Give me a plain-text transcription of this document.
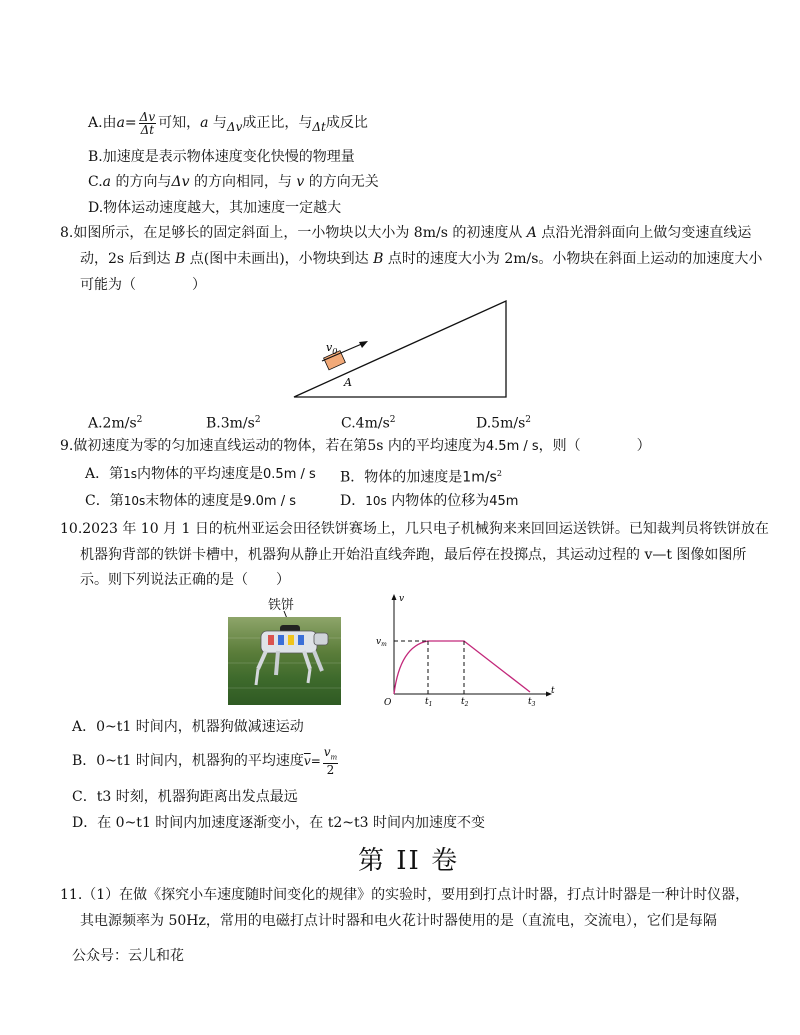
A.由$a= \frac{\Delta v}{\Delta t}$ 可知，a 与Δv成正比，与Δt成反比
B.加速度是表示物体速度变化快慢的物理量
C.a 的方向与Δv 的方向相同，与 v 的方向无关
D.物体运动速度越大，其加速度一定越大
8.如图所示，在足够长的固定斜面上，一小物块以大小为 8m/s 的初速度从 A 点沿光滑斜面向上做匀变速直线运
动，2s 后到达 B 点(图中未画出)，小物块到达 B 点时的速度大小为 2m/s。小物块在斜面上运动的加速度大小
可能为（　　　　）
$v_0$
A
$A.2m/s^2$	$B.3m/s^2$	$C.4m/s^2$	$D.5m/s^2$
9.做初速度为零的匀加速直线运动的物体，若在第5s 内的平均速度为4.5m / s，则（　　　　）
A．第1s内物体的平均速度是0.5m / s B．物体的加速度是$1m/s^2$
C．第10s末物体的速度是9.0m / s	D．10s 内物体的位移为45m
10.2023 年 10 月 1 日的杭州亚运会田径铁饼赛场上，几只电子机械狗来来回回运送铁饼。已知裁判员将铁饼放在
机器狗背部的铁饼卡槽中，机器狗从静止开始沿直线奔跑，最后停在投掷点，其运动过程的 v—t 图像如图所
示。则下列说法正确的是（　　）
铁饼	v
t
O
$v_m$
$t_1$	$t_2$	$t_3$
A．0~t1 时间内，机器狗做减速运动
B．0~t1 时间内，机器狗的平均速度$\overline{v}= \frac{v_m}{2}$
C．t3 时刻，机器狗距离出发点最远
D．在 0~t1 时间内加速度逐渐变小，在 t2~t3 时间内加速度不变
第 II 卷
11.（1）在做《探究小车速度随时间变化的规律》的实验时，要用到打点计时器，打点计时器是一种计时仪器，
其电源频率为 50Hz，常用的电磁打点计时器和电火花计时器使用的是（直流电，交流电），它们是每隔
公众号：云儿和花
